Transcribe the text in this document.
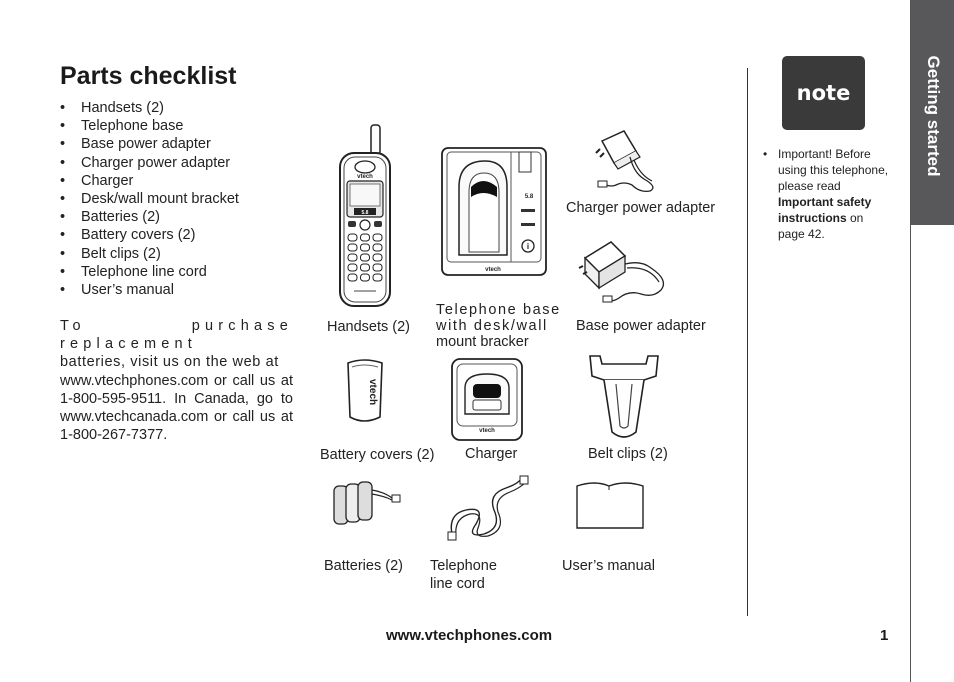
Parts checklist
• Handsets (2)
• Telephone base
• Base power adapter
• Charger power adapter
• Charger
• Desk/wall mount bracket
• Batteries (2)
• Battery covers (2)
• Belt clips (2)
• Telephone line cord
• User’s manual
To purchase replacement
batteries, visit us on the web at
www.vtechphones.com or call us at 1-800-595-9511. In Canada, go to www.vtechcanada.com or call us at 1-800-267-7377.
vtech
5.8
5.8
i
vtech
vtech
vtech
Handsets (2)
Telephone base
with desk/wall
mount bracker
Charger power adapter
Base power adapter
Battery covers (2) Charger	Belt clips (2)
Batteries (2) Telephone
line cord
User’s manual
note
• Important! Before using this telephone, please read Important safety instructions on page 42.
Getting started
www.vtechphones.com	1
